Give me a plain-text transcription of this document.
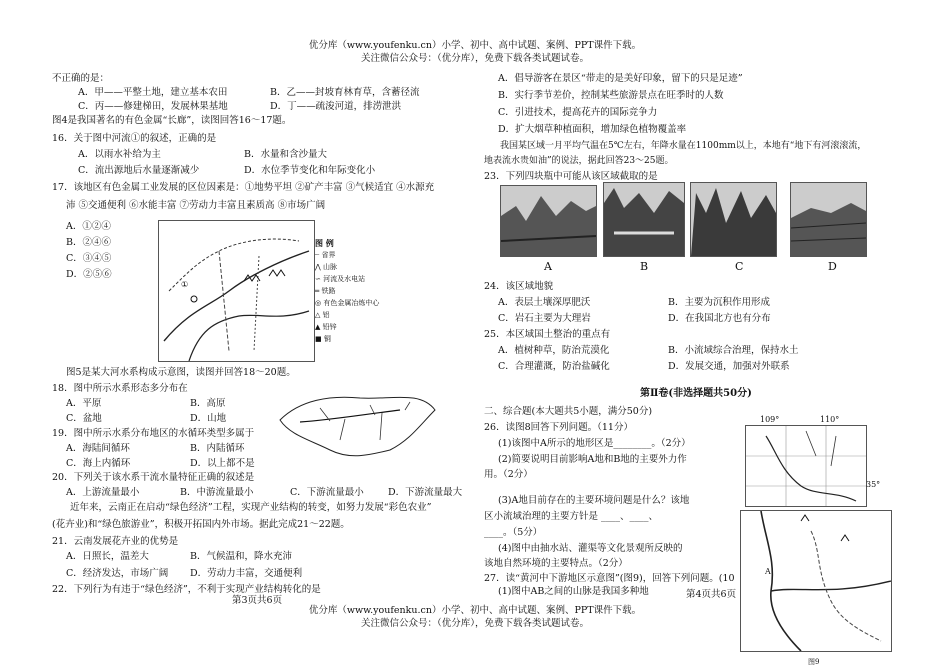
优分库（www.youfenku.cn）小学、初中、高中试题、案例、PPT课件下载。
关注微信公众号：（优分库），免费下载各类试题试卷。
不正确的是：
A．甲——平整土地，建立基本农田	B．乙——封坡育林育草，含蓄径流
C．丙——修建梯田，发展林果基地	D．丁——疏浚河道，排涝泄洪
图4是我国著名的有色金属“长廊”，读图回答16～17题。
16．关于图中河流①的叙述，正确的是
A．以雨水补给为主	B．水量和含沙量大
C．流出源地后水量逐渐减少	D．水位季节变化和年际变化小
17．该地区有色金属工业发展的区位因素是：①地势平坦 ②矿产丰富 ③气候适宜 ④水源充
沛 ⑤交通便利 ⑥水能丰富 ⑦劳动力丰富且素质高 ⑧市场广阔
A．①②④
B．②④⑥
C．③④⑤
D．②⑤⑥
①
图 例
┈ 省界
⋀ 山脉
∽ 河流及水电站
═ 铁路
◎ 有色金属冶炼中心
△ 铝
▲ 铅锌
■ 铜
图5是某大河水系构成示意图，读图并回答18～20题。
18．图中所示水系形态多分布在
A．平原	B．高原
C．盆地	D．山地
19．图中所示水系分布地区的水循环类型多属于
A．海陆间循环	B．内陆循环
C．海上内循环	D．以上都不是
20．下列关于该水系干流水量特征正确的叙述是
A．上游流量最小	B．中游流量最小	C．下游流量最小	D．下游流量最大
近年来，云南正在启动“绿色经济”工程，实现产业结构的转变，如努力发展“彩色农业”
(花卉业)和“绿色旅游业”，积极开拓国内外市场。据此完成21～22题。
21．云南发展花卉业的优势是
A．日照长，温差大	B．气候温和，降水充沛
C．经济发达，市场广阔 D．劳动力丰富，交通便利
22．下列行为有违于“绿色经济”，不利于实现产业结构转化的是
第3页共6页
A．倡导游客在景区“带走的是美好印象，留下的只是足迹”
B．实行季节差价，控制某些旅游景点在旺季时的人数
C．引进技术，提高花卉的国际竞争力
D．扩大烟草种植面积，增加绿色植物覆盖率
我国某区域一月平均气温在5℃左右，年降水量在1100mm以上，本地有“地下有河滚滚流，
地表流水贵如油”的说法，据此回答23～25题。
23．下列四块瓶中可能从该区域截取的是
A	B	C	D
24．该区域地貌
A．表层土壤深厚肥沃	B．主要为沉积作用形成
C．岩石主要为大理岩	D．在我国北方也有分布
25．本区域国土整治的重点有
A．植树种草，防治荒漠化	B．小流域综合治理，保持水土
C．合理灌溉，防治盐碱化	D．发展交通，加强对外联系
第Ⅱ卷(非选择题共50分)
二、综合题(本大题共5小题，满分50分)
26．读图8回答下列问题。（11分）
(1)该图中A所示的地形区是________。（2分）
(2)简要说明目前影响A地和B地的主要外力作
用。（2分）
(3)A地目前存在的主要环境问题是什么？该地
区小流域治理的主要方针是 ____、____、
____。（5分）
(4)图中由抽水站、灌渠等文化景观所反映的
该地自然环境的主要特点。（2分）
27．读“黄河中下游地区示意图”(图9)，回答下列问题。(10
(1)图中AB之间的山脉是我国多种地	第4页共6页
109°	110°
35°
A
图9
优分库（www.youfenku.cn）小学、初中、高中试题、案例、PPT课件下载。
关注微信公众号：（优分库），免费下载各类试题试卷。
